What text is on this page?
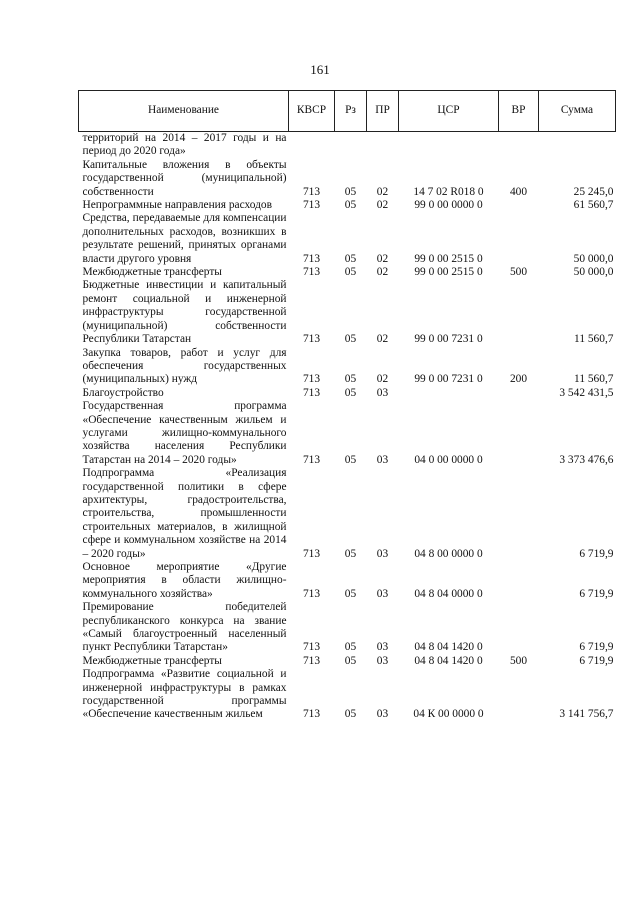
161
Наименование	КВСР	Рз	ПР	ЦСР	ВР	Сумма
территорий на 2014 – 2017 годы и на период до 2020 года»						
Капитальные вложения в объекты государственной (муниципальной) собственности	713	05	02	14 7 02 R018 0	400	25 245,0
Непрограммные направления расходов	713	05	02	99 0 00 0000 0		61 560,7
Средства, передаваемые для компенсации дополнительных расходов, возникших в результате решений, принятых органами власти другого уровня	713	05	02	99 0 00 2515 0		50 000,0
Межбюджетные трансферты	713	05	02	99 0 00 2515 0	500	50 000,0
Бюджетные инвестиции и капитальный ремонт социальной и инженерной инфраструктуры государственной (муниципальной) собственности Республики Татарстан	713	05	02	99 0 00 7231 0		11 560,7
Закупка товаров, работ и услуг для обеспечения государственных (муниципальных) нужд	713	05	02	99 0 00 7231 0	200	11 560,7
Благоустройство	713	05	03			3 542 431,5
Государственная программа «Обеспечение качественным жильем и услугами жилищно-коммунального хозяйства населения Республики Татарстан на 2014 – 2020 годы»	713	05	03	04 0 00 0000 0		3 373 476,6
Подпрограмма «Реализация государственной политики в сфере архитектуры, градостроительства, строительства, промышленности строительных материалов, в жилищной сфере и коммунальном хозяйстве на 2014 – 2020 годы»	713	05	03	04 8 00 0000 0		6 719,9
Основное мероприятие «Другие мероприятия в области жилищно-коммунального хозяйства»	713	05	03	04 8 04 0000 0		6 719,9
Премирование победителей республиканского конкурса на звание «Самый благоустроенный населенный пункт Республики Татарстан»	713	05	03	04 8 04 1420 0		6 719,9
Межбюджетные трансферты	713	05	03	04 8 04 1420 0	500	6 719,9
Подпрограмма «Развитие социальной и инженерной инфраструктуры в рамках государственной программы «Обеспечение качественным жильем	713	05	03	04 К 00 0000 0		3 141 756,7
